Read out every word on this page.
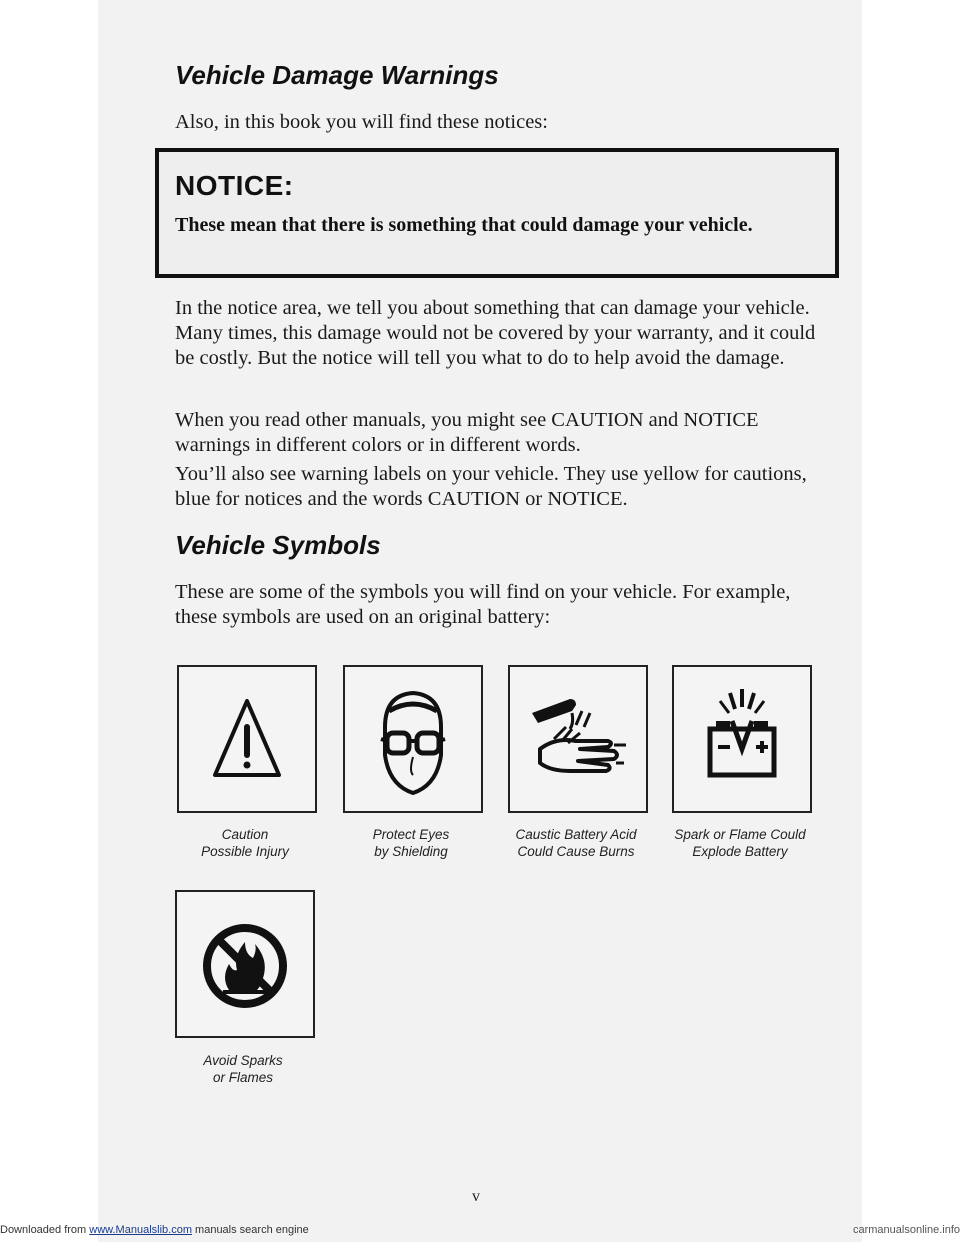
Vehicle Damage Warnings

Also, in this book you will find these notices:

NOTICE:
These mean that there is something that could damage your vehicle.

In the notice area, we tell you about something that can damage your vehicle. Many times, this damage would not be covered by your warranty, and it could be costly. But the notice will tell you what to do to help avoid the damage.

When you read other manuals, you might see CAUTION and NOTICE warnings in different colors or in different words.

You’ll also see warning labels on your vehicle. They use yellow for cautions, blue for notices and the words CAUTION or NOTICE.

Vehicle Symbols

These are some of the symbols you will find on your vehicle. For example, these symbols are used on an original battery:

Caution
Possible Injury
Protect Eyes
by Shielding
Caustic Battery Acid
Could Cause Burns
Spark or Flame Could
Explode Battery
Avoid Sparks
or Flames
v
Downloaded from www.Manualslib.com manuals search engine	carmanualsonline.info
